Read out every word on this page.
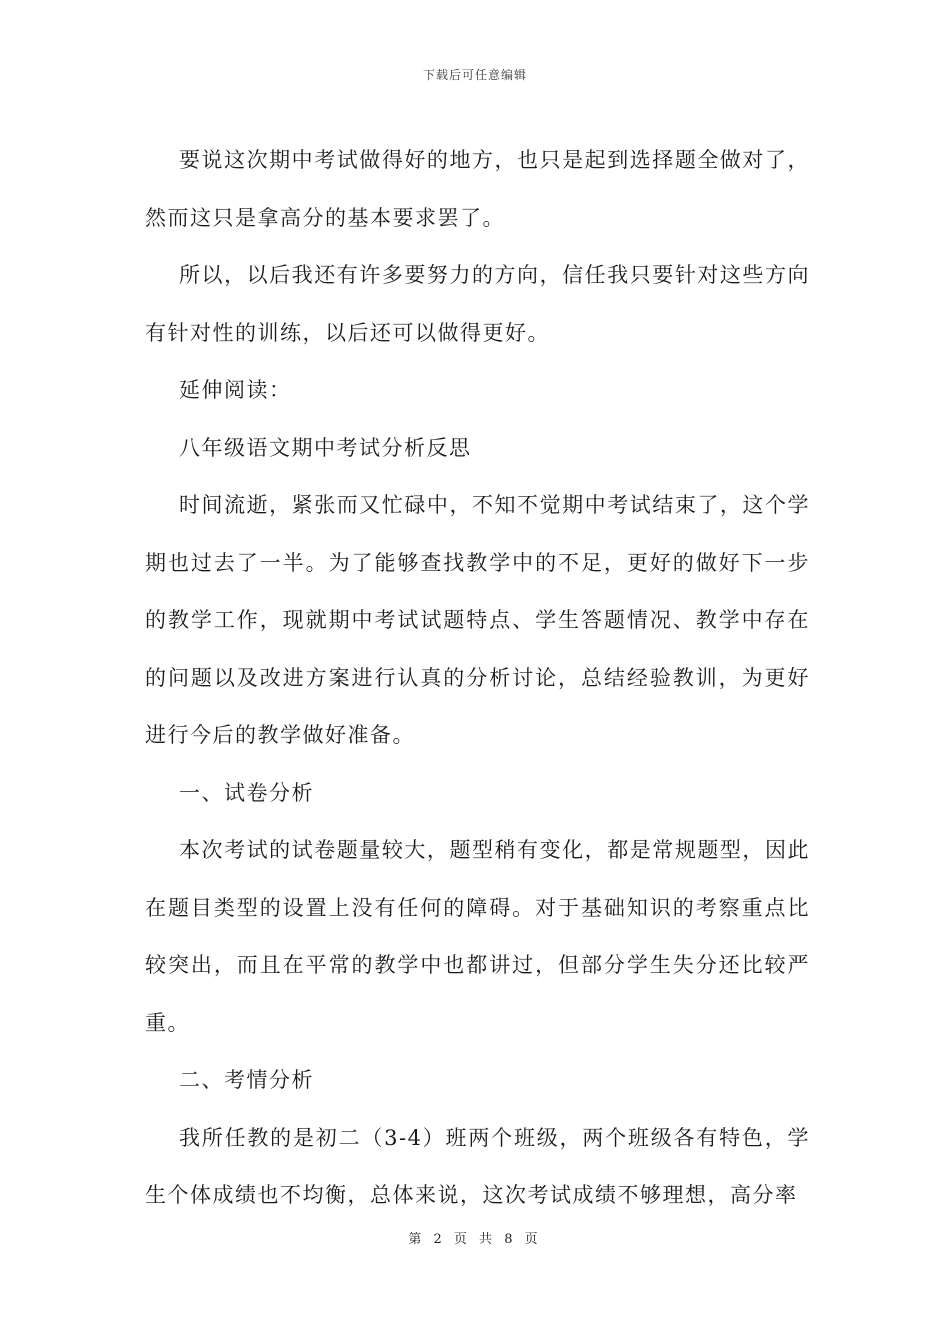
下载后可任意编辑

要说这次期中考试做得好的地方，也只是起到选择题全做对了，然而这只是拿高分的基本要求罢了。

所以，以后我还有许多要努力的方向，信任我只要针对这些方向有针对性的训练，以后还可以做得更好。

延伸阅读：

八年级语文期中考试分析反思

时间流逝，紧张而又忙碌中，不知不觉期中考试结束了，这个学期也过去了一半。为了能够查找教学中的不足，更好的做好下一步的教学工作，现就期中考试试题特点、学生答题情况、教学中存在的问题以及改进方案进行认真的分析讨论，总结经验教训，为更好进行今后的教学做好准备。

一、试卷分析

本次考试的试卷题量较大，题型稍有变化，都是常规题型，因此在题目类型的设置上没有任何的障碍。对于基础知识的考察重点比较突出，而且在平常的教学中也都讲过，但部分学生失分还比较严重。

二、考情分析

我所任教的是初二（3-4）班两个班级，两个班级各有特色，学生个体成绩也不均衡，总体来说，这次考试成绩不够理想，高分率

第 2 页 共 8 页
